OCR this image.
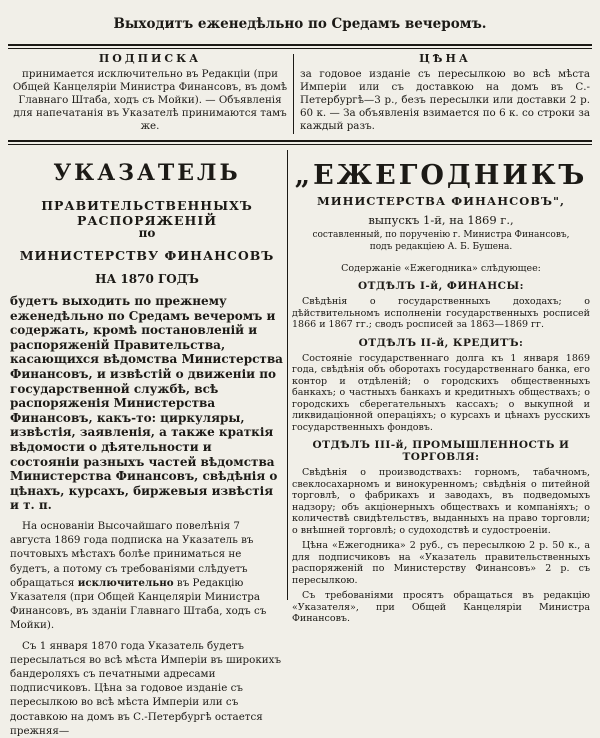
Выходитъ еженедѣльно по Средамъ вечеромъ.
ПОДПИСКА
принимается исключительно въ Редакціи (при Общей Канцеляріи Министра Финансовъ, въ домѣ Главнаго Штаба, ходъ съ Мойки). — Объявленія для напечатанія въ Указателѣ принимаются тамъ же.
ЦѢНА
за годовое изданіе съ пересылкою во всѣ мѣста Имперіи или съ доставкою на домъ въ С.-Петербургѣ—3 р., безъ пересылки или доставки 2 р. 60 к. — За объявленія взимается по 6 к. со строки за каждый разъ.
УКАЗАТЕЛЬ
ПРАВИТЕЛЬСТВЕННЫХЪ РАСПОРЯЖЕНІЙ
по
МИНИСТЕРСТВУ ФИНАНСОВЪ
НА 1870 ГОДЪ
будетъ выходить по прежнему еженедѣльно по Средамъ вечеромъ и содержать, кромѣ постановленій и распоряженій Правительства, касающихся вѣдомства Министерства Финансовъ, и извѣстій о движеніи по государственной службѣ, всѣ распоряженія Министерства Финансовъ, какъ-то: циркуляры, извѣстія, заявленія, а также краткія вѣдомости о дѣятельности и состояніи разныхъ частей вѣдомства Министерства Финансовъ, свѣдѣнія о цѣнахъ, курсахъ, биржевыя извѣстія и т. п.
На основаніи Высочайшаго повелѣнія 7 августа 1869 года подписка на Указатель въ почтовыхъ мѣстахъ болѣе приниматься не будетъ, а потому съ требованіями слѣдуетъ обращаться исключительно въ Редакцію Указателя (при Общей Канцеляріи Министра Финансовъ, въ зданіи Главнаго Штаба, ходъ съ Мойки).
Съ 1 января 1870 года Указатель будетъ пересылаться во всѣ мѣста Имперіи въ широкихъ бандероляхъ съ печатными адресами подписчиковъ. Цѣна за годовое изданіе съ пересылкою во всѣ мѣста Имперіи или съ доставкою на домъ въ С.-Петербургѣ остается прежняя—
„ЕЖЕГОДНИКЪ
МИНИСТЕРСТВА ФИНАНСОВЪ",
выпускъ 1-й, на 1869 г.,
составленный, по порученію г. Министра Финансовъ, подъ редакціею А. Б. Бушена.
Содержаніе «Ежегодника» слѣдующее:
ОТДѢЛЪ І-й, ФИНАНСЫ:
Свѣдѣнія о государственныхъ доходахъ; о дѣйствительномъ исполненіи государственныхъ росписей 1866 и 1867 гг.; сводъ росписей за 1863—1869 гг.
ОТДѢЛЪ ІІ-й, КРЕДИТЪ:
Состояніе государственнаго долга къ 1 января 1869 года, свѣдѣнія объ оборотахъ государственнаго банка, его контор и отдѣленій; о городскихъ общественныхъ банкахъ; о частныхъ банкахъ и кредитныхъ обществахъ; о городскихъ сберегательныхъ кассахъ; о выкупной и ликвидаціонной операціяхъ; о курсахъ и цѣнахъ русскихъ государственныхъ фондовъ.
ОТДѢЛЪ ІІІ-й, ПРОМЫШЛЕННОСТЬ И ТОРГОВЛЯ:
Свѣдѣнія о производствахъ: горномъ, табачномъ, свеклосахарномъ и винокуренномъ; свѣдѣнія о питейной торговлѣ, о фабрикахъ и заводахъ, въ подведомыхъ надзору; объ акціонерныхъ обществахъ и компаніяхъ; о количествѣ свидѣтельствъ, выданныхъ на право торговли; о внѣшней торговлѣ; о судоходствѣ и судостроеніи.
Цѣна «Ежегодника» 2 руб., съ пересылкою 2 р. 50 к., а для подписчиковъ на «Указатель правительственныхъ распоряженій по Министерству Финансовъ» 2 р. съ пересылкою.
Съ требованіями просятъ обращаться въ редакцію «Указателя», при Общей Канцеляріи Министра Финансовъ.
